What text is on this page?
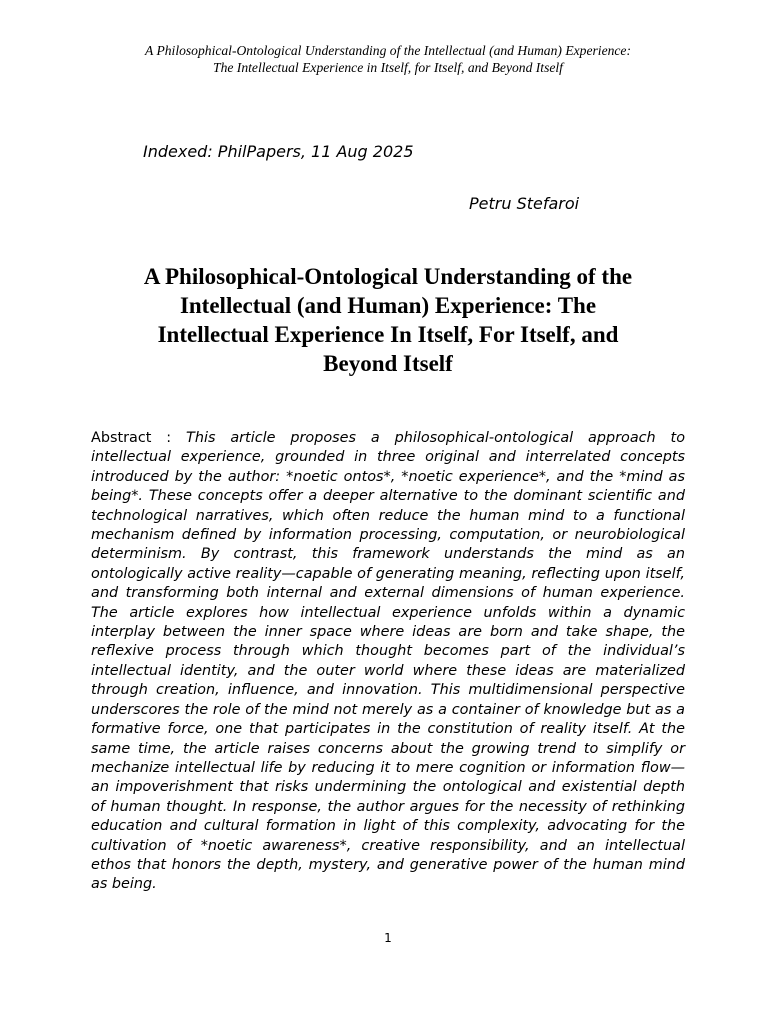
A Philosophical-Ontological Understanding of the Intellectual (and Human) Experience:
The Intellectual Experience in Itself, for Itself, and Beyond Itself
Indexed: PhilPapers, 11 Aug 2025
Petru Stefaroi
A Philosophical-Ontological Understanding of the
Intellectual (and Human) Experience: The
Intellectual Experience In Itself, For Itself, and
Beyond Itself

Abstract : This article proposes a philosophical-ontological approach to intellectual experience, grounded in three original and interrelated concepts introduced by the author: *noetic ontos*, *noetic experience*, and the *mind as being*. These concepts offer a deeper alternative to the dominant scientific and technological narratives, which often reduce the human mind to a functional mechanism defined by information processing, computation, or neurobiological determinism. By contrast, this framework understands the mind as an ontologically active reality—capable of generating meaning, reflecting upon itself, and transforming both internal and external dimensions of human experience. The article explores how intellectual experience unfolds within a dynamic interplay between the inner space where ideas are born and take shape, the reflexive process through which thought becomes part of the individual’s intellectual identity, and the outer world where these ideas are materialized through creation, influence, and innovation. This multidimensional perspective underscores the role of the mind not merely as a container of knowledge but as a formative force, one that participates in the constitution of reality itself. At the same time, the article raises concerns about the growing trend to simplify or mechanize intellectual life by reducing it to mere cognition or information flow—an impoverishment that risks undermining the ontological and existential depth of human thought. In response, the author argues for the necessity of rethinking education and cultural formation in light of this complexity, advocating for the cultivation of *noetic awareness*, creative responsibility, and an intellectual ethos that honors the depth, mystery, and generative power of the human mind as being.

1
